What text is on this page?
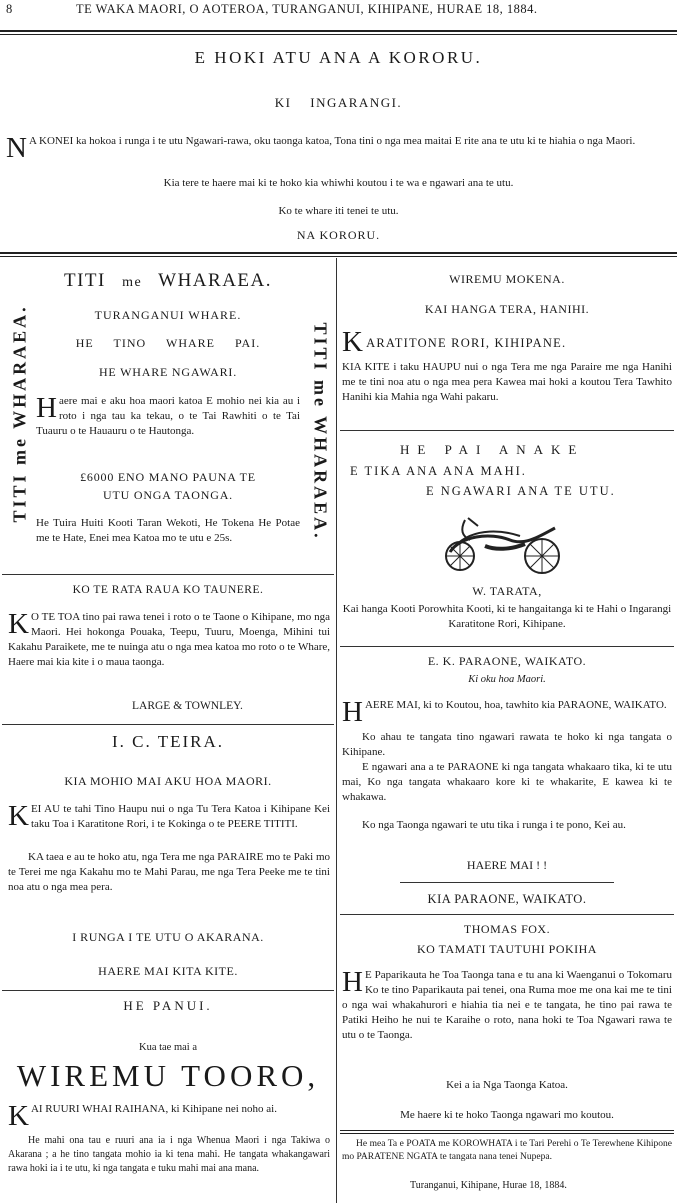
8	TE WAKA MAORI, O AOTEROA, TURANGANUI, KIHIPANE, HURAE 18, 1884.
E HOKI ATU ANA A KORORU.
KI INGARANGI.
N A KONEI ka hokoa i runga i te utu Ngawari-rawa, oku taonga katoa, Tona tini o nga mea maitai E rite ana te utu ki te hiahia o nga Maori.
Kia tere te haere mai ki te hoko kia whiwhi koutou i te wa e ngawari ana te utu.
Ko te whare iti tenei te utu.
NA KORORU.
TITI me WHARAEA.
TITI me WHARAEA.	TITI me WHARAEA.
TURANGANUI WHARE.
HE TINO WHARE PAI.
HE WHARE NGAWARI.
H aere mai e aku hoa maori katoa E mohio nei kia au i roto i nga tau ka tekau, o te Tai Rawhiti o te Tai Tuauru o te Hauauru o te Hautonga.
£6000 ENO MANO PAUNA TE
UTU ONGA TAONGA.
He Tuira Huiti Kooti Taran Wekoti, He Tokena He Potae me te Hate, Enei mea Katoa mo te utu e 25s.
KO TE RATA RAUA KO TAUNERE.
K O TE TOA tino pai rawa tenei i roto o te Taone o Kihipane, mo nga Maori. Hei hokonga Pouaka, Teepu, Tuuru, Moenga, Mihini tui Kakahu Paraikete, me te nuinga atu o nga mea katoa mo roto o te Whare, Haere mai kia kite i o maua taonga.
LARGE & TOWNLEY.
I. C. TEIRA.
KIA MOHIO MAI AKU HOA MAORI.
K EI AU te tahi Tino Haupu nui o nga Tu Tera Katoa i Kihipane Kei taku Toa i Karatitone Rori, i te Kokinga o te PEERE TITITI.
KA taea e au te hoko atu, nga Tera me nga PARAIRE mo te Paki mo te Terei me nga Kakahu mo te Mahi Parau, me nga Tera Peeke me te tini noa atu o nga mea pera.
I RUNGA I TE UTU O AKARANA.
HAERE MAI KITA KITE.
HE PANUI.
Kua tae mai a
WIREMU TOORO,
K AI RUURI WHAI RAIHANA, ki Kihipane nei noho ai.
He mahi ona tau e ruuri ana ia i nga Whenua Maori i nga Takiwa o Akarana ; a he tino tangata mohio ia ki tena mahi. He tangata whakangawari rawa hoki ia i te utu, ki nga tangata e tuku mahi mai ana mana.
WIREMU MOKENA.
KAI HANGA TERA, HANIHI.
K ARATITONE RORI, KIHIPANE.
KIA KITE i taku HAUPU nui o nga Tera me nga Paraire me nga Hanihi me te tini noa atu o nga mea pera Kawea mai hoki a koutou Tera Tawhito Hanihi kia Mahia nga Wahi pakaru.
HE PAI ANAKE
E TIKA ANA ANA MAHI.
E NGAWARI ANA TE UTU.
W. TARATA,
Kai hanga Kooti Porowhita Kooti, ki te hangaitanga ki te Hahi o Ingarangi Karatitone Rori, Kihipane.
E. K. PARAONE, WAIKATO.
Ki oku hoa Maori.
H AERE MAI, ki to Koutou, hoa, tawhito kia PARAONE, WAIKATO.
Ko ahau te tangata tino ngawari rawata te hoko ki nga tangata o Kihipane.
E ngawari ana a te PARAONE ki nga tangata whakaaro tika, ki te utu mai, Ko nga tangata whakaaro kore ki te whakarite, E kawea ki te whakawa.
Ko nga Taonga ngawari te utu tika i runga i te pono, Kei au.
HAERE MAI ! !
KIA PARAONE, WAIKATO.
THOMAS FOX.
KO TAMATI TAUTUHI POKIHA
H E Paparikauta he Toa Taonga tana e tu ana ki Waenganui o Tokomaru Ko te tino Paparikauta pai tenei, ona Ruma moe me ona kai me te tini o nga wai whakahurori e hiahia tia nei e te tangata, he tino pai rawa te Patiki Heiho he nui te Karaihe o roto, nana hoki te Toa Ngawari rawa te utu o te Taonga.
Kei a ia Nga Taonga Katoa.
Me haere ki te hoko Taonga ngawari mo koutou.
He mea Ta e POATA me KOROWHATA i te Tari Perehi o Te Terewhene Kihipone mo PARATENE NGATA te tangata nana tenei Nupepa.
Turanganui, Kihipane, Hurae 18, 1884.
